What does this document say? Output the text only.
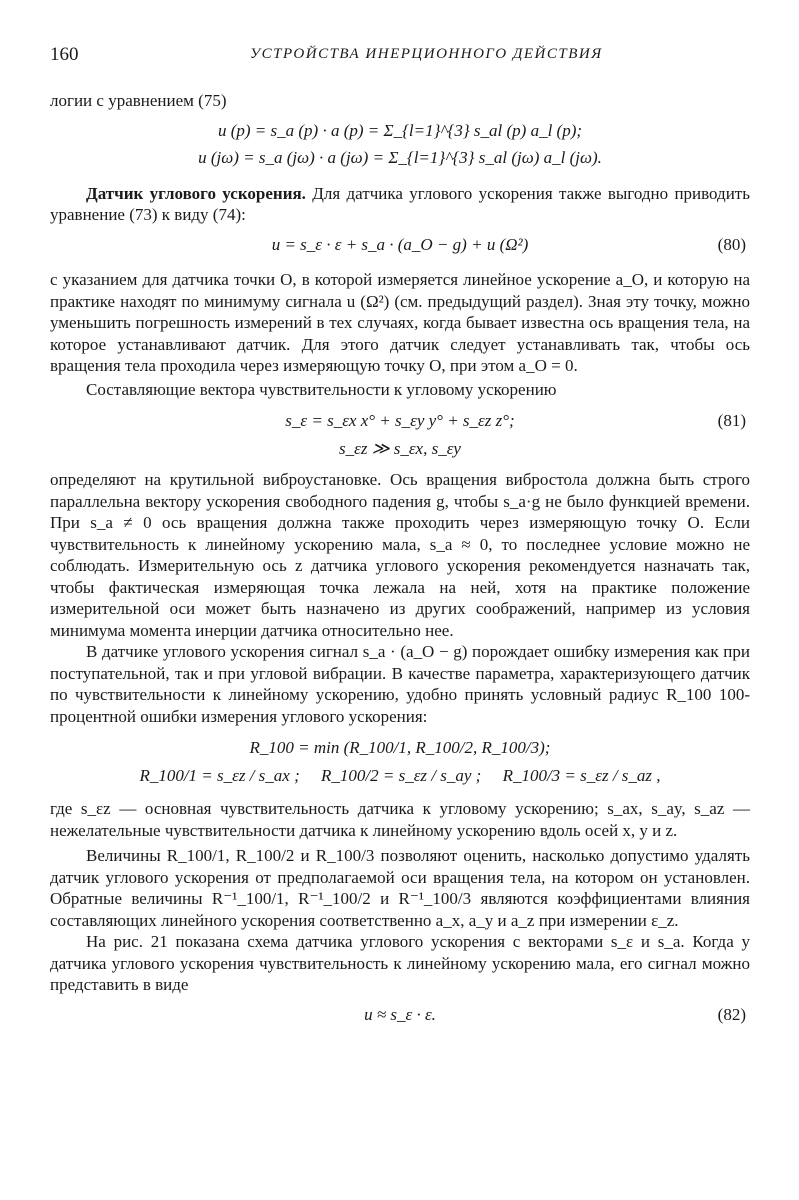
160	УСТРОЙСТВА ИНЕРЦИОННОГО ДЕЙСТВИЯ

логии с уравнением (75)

u (p) = s_a (p) · a (p) = Σ_{l=1}^{3} s_al (p) a_l (p);
u (jω) = s_a (jω) · a (jω) = Σ_{l=1}^{3} s_al (jω) a_l (jω).

Датчик углового ускорения. Для датчика углового ускорения также выгодно приводить уравнение (73) к виду (74):

u = s_ε · ε + s_a · (a_O − g) + u (Ω²)	(80)

с указанием для датчика точки O, в которой измеряется линейное ускорение a_O, и которую на практике находят по минимуму сигнала u (Ω²) (см. предыдущий раздел). Зная эту точку, можно уменьшить погрешность измерений в тех случаях, когда бывает известна ось вращения тела, на которое устанавливают датчик. Для этого датчик следует устанавливать так, чтобы ось вращения тела проходила через измеряющую точку O, при этом a_O = 0.

Составляющие вектора чувствительности к угловому ускорению

s_ε = s_εx x° + s_εy y° + s_εz z°;	(81)
s_εz ≫ s_εx, s_εy

определяют на крутильной виброустановке. Ось вращения вибростола должна быть строго параллельна вектору ускорения свободного падения g, чтобы s_a·g не было функцией времени. При s_a ≠ 0 ось вращения должна также проходить через измеряющую точку O. Если чувствительность к линейному ускорению мала, s_a ≈ 0, то последнее условие можно не соблюдать. Измерительную ось z датчика углового ускорения рекомендуется назначать так, чтобы фактическая измеряющая точка лежала на ней, хотя на практике положение измерительной оси может быть назначено из других соображений, например из условия минимума момента инерции датчика относительно нее.

В датчике углового ускорения сигнал s_a · (a_O − g) порождает ошибку измерения как при поступательной, так и при угловой вибрации. В качестве параметра, характеризующего датчик по чувствительности к линейному ускорению, удобно принять условный радиус R_100 100-процентной ошибки измерения углового ускорения:

R_100 = min (R_100/1, R_100/2, R_100/3);
R_100/1 = s_εz / s_ax ; R_100/2 = s_εz / s_ay ; R_100/3 = s_εz / s_az ,

где s_εz — основная чувствительность датчика к угловому ускорению; s_ax, s_ay, s_az — нежелательные чувствительности датчика к линейному ускорению вдоль осей x, y и z.

Величины R_100/1, R_100/2 и R_100/3 позволяют оценить, насколько допустимо удалять датчик углового ускорения от предполагаемой оси вращения тела, на котором он установлен. Обратные величины R⁻¹_100/1, R⁻¹_100/2 и R⁻¹_100/3 являются коэффициентами влияния составляющих линейного ускорения соответственно a_x, a_y и a_z при измерении ε_z.

На рис. 21 показана схема датчика углового ускорения с векторами s_ε и s_a. Когда у датчика углового ускорения чувствительность к линейному ускорению мала, его сигнал можно представить в виде

u ≈ s_ε · ε.	(82)
